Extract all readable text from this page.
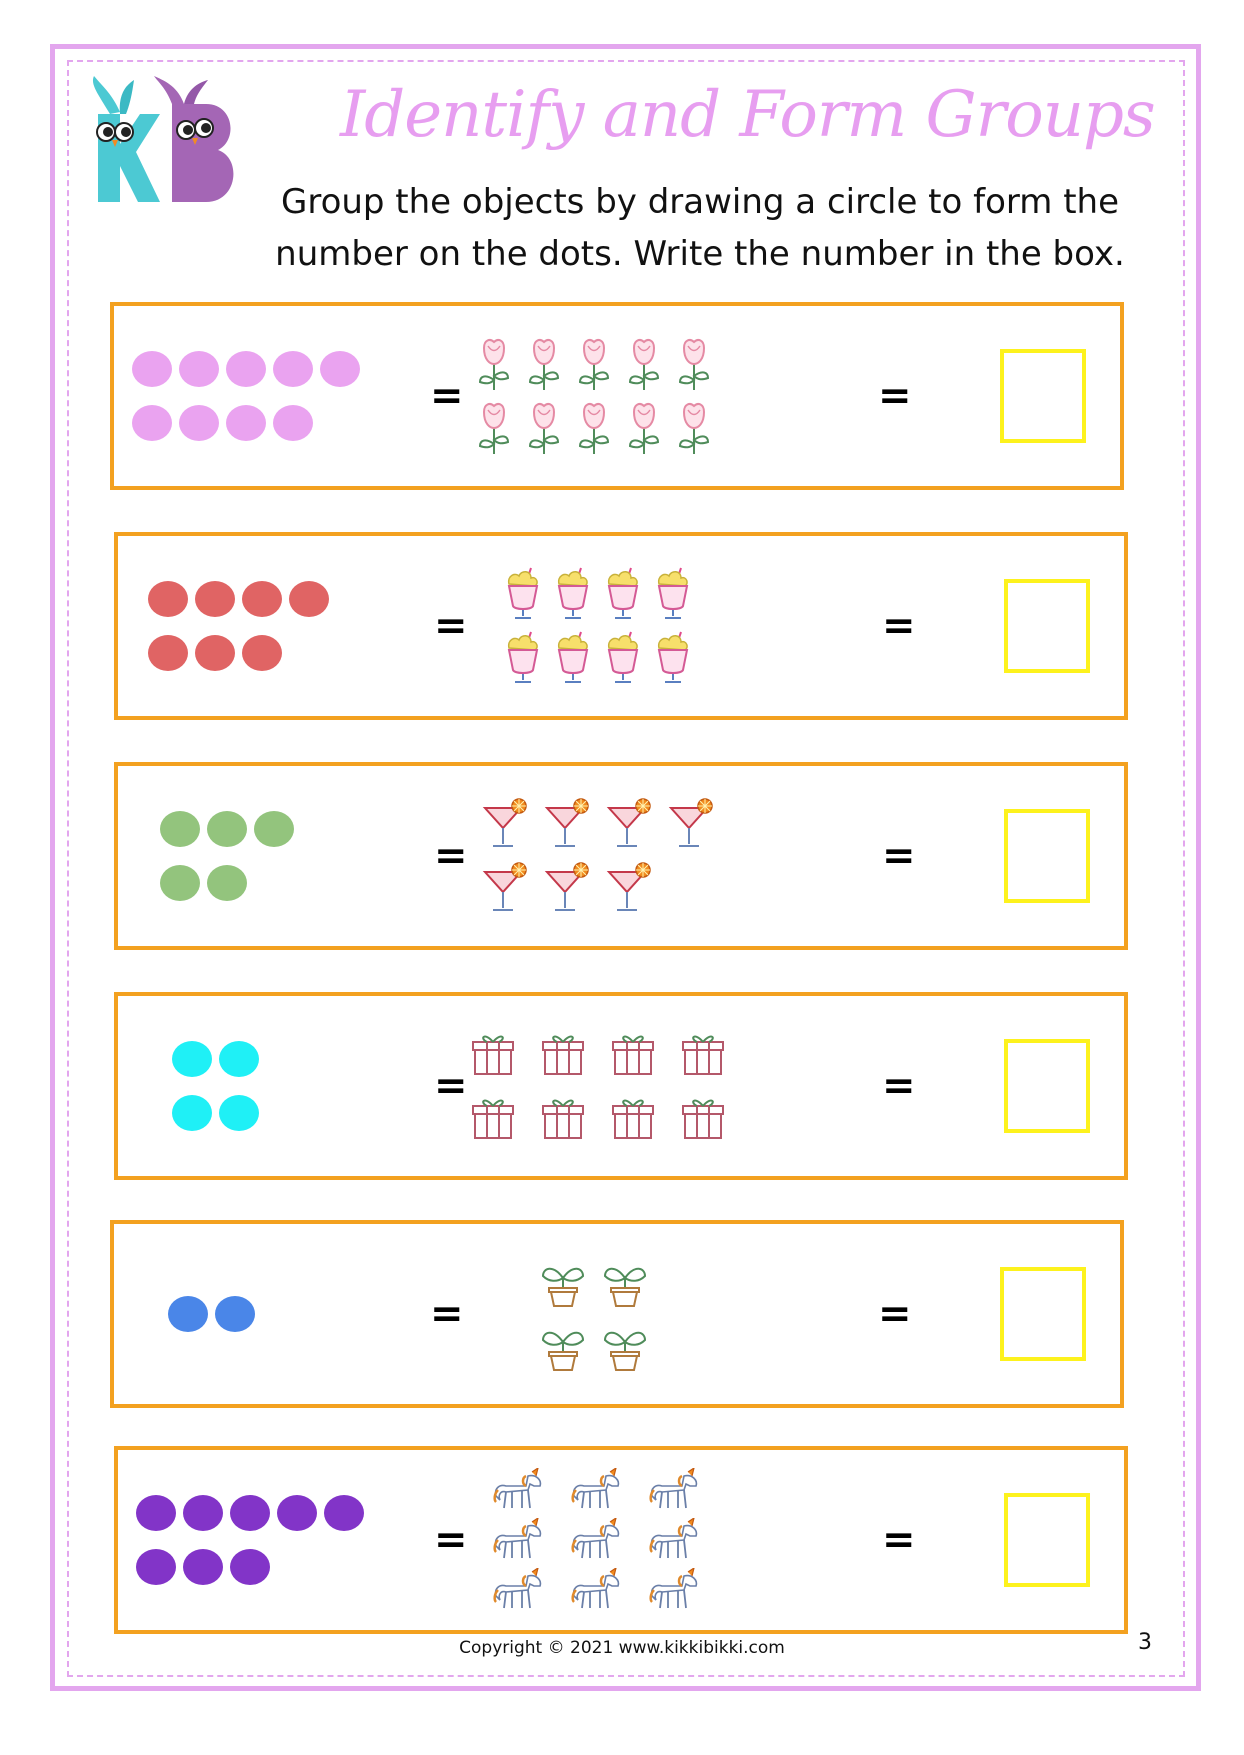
Identify and Form Groups
Group the objects by drawing a circle to form the number on the dots. Write the number in the box.
=	=
=	=
=	=
=	=
=	=
=	=
Copyright © 2021 www.kikkibikki.com	3
